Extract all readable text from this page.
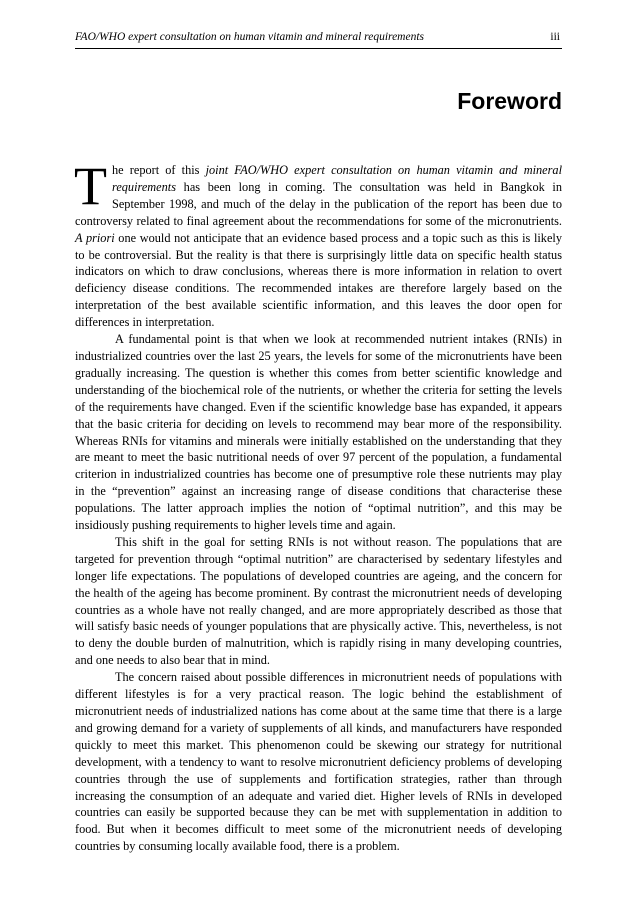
FAO/WHO expert consultation on human vitamin and mineral requirements	iii
Foreword

The report of this joint FAO/WHO expert consultation on human vitamin and mineral requirements has been long in coming. The consultation was held in Bangkok in September 1998, and much of the delay in the publication of the report has been due to controversy related to final agreement about the recommendations for some of the micronutrients. A priori one would not anticipate that an evidence based process and a topic such as this is likely to be controversial. But the reality is that there is surprisingly little data on specific health status indicators on which to draw conclusions, whereas there is more information in relation to overt deficiency disease conditions. The recommended intakes are therefore largely based on the interpretation of the best available scientific information, and this leaves the door open for differences in interpretation.

A fundamental point is that when we look at recommended nutrient intakes (RNIs) in industrialized countries over the last 25 years, the levels for some of the micronutrients have been gradually increasing. The question is whether this comes from better scientific knowledge and understanding of the biochemical role of the nutrients, or whether the criteria for setting the levels of the requirements have changed. Even if the scientific knowledge base has expanded, it appears that the basic criteria for deciding on levels to recommend may bear more of the responsibility. Whereas RNIs for vitamins and minerals were initially established on the understanding that they are meant to meet the basic nutritional needs of over 97 percent of the population, a fundamental criterion in industrialized countries has become one of presumptive role these nutrients may play in the “prevention” against an increasing range of disease conditions that characterise these populations. The latter approach implies the notion of “optimal nutrition”, and this may be insidiously pushing requirements to higher levels time and again.

This shift in the goal for setting RNIs is not without reason. The populations that are targeted for prevention through “optimal nutrition” are characterised by sedentary lifestyles and longer life expectations. The populations of developed countries are ageing, and the concern for the health of the ageing has become prominent. By contrast the micronutrient needs of developing countries as a whole have not really changed, and are more appropriately described as those that will satisfy basic needs of younger populations that are physically active. This, nevertheless, is not to deny the double burden of malnutrition, which is rapidly rising in many developing countries, and one needs to also bear that in mind.

The concern raised about possible differences in micronutrient needs of populations with different lifestyles is for a very practical reason. The logic behind the establishment of micronutrient needs of industrialized nations has come about at the same time that there is a large and growing demand for a variety of supplements of all kinds, and manufacturers have responded quickly to meet this market. This phenomenon could be skewing our strategy for nutritional development, with a tendency to want to resolve micronutrient deficiency problems of developing countries through the use of supplements and fortification strategies, rather than through increasing the consumption of an adequate and varied diet. Higher levels of RNIs in developed countries can easily be supported because they can be met with supplementation in addition to food. But when it becomes difficult to meet some of the micronutrient needs of developing countries by consuming locally available food, there is a problem.
